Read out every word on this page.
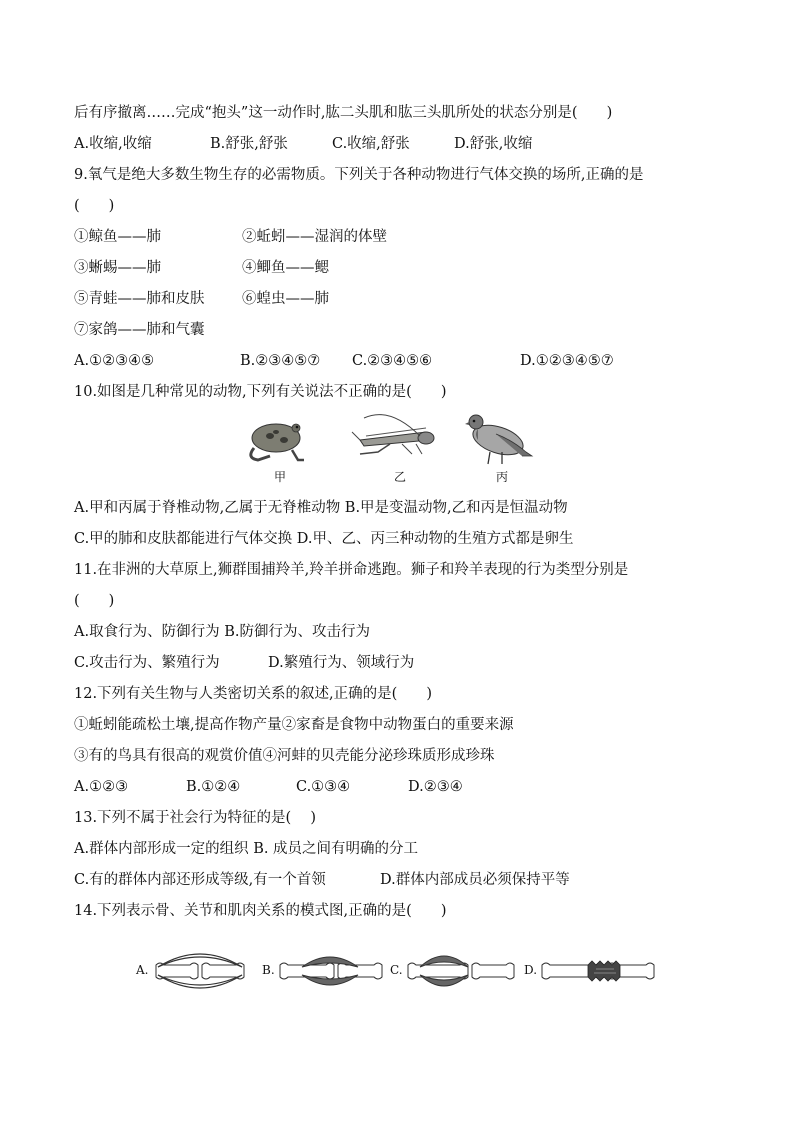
后有序撤离……完成“抱头”这一动作时,肱二头肌和肱三头肌所处的状态分别是(　　)
A.收缩,收缩	B.舒张,舒张	C.收缩,舒张	D.舒张,收缩
9.氧气是绝大多数生物生存的必需物质。下列关于各种动物进行气体交换的场所,正确的是
(　　)
①鲸鱼——肺	②蚯蚓——湿润的体壁
③蜥蜴——肺	④鲫鱼——鳃
⑤青蛙——肺和皮肤	⑥蝗虫——肺
⑦家鸽——肺和气囊
A.①②③④⑤	B.②③④⑤⑦ C.②③④⑤⑥	D.①②③④⑤⑦
10.如图是几种常见的动物,下列有关说法不正确的是(　　)
甲	乙	丙
A.甲和丙属于脊椎动物,乙属于无脊椎动物 B.甲是变温动物,乙和丙是恒温动物
C.甲的肺和皮肤都能进行气体交换 D.甲、乙、丙三种动物的生殖方式都是卵生
11.在非洲的大草原上,狮群围捕羚羊,羚羊拼命逃跑。狮子和羚羊表现的行为类型分别是
(　　)
A.取食行为、防御行为 B.防御行为、攻击行为
C.攻击行为、繁殖行为	D.繁殖行为、领域行为
12.下列有关生物与人类密切关系的叙述,正确的是(　　)
①蚯蚓能疏松土壤,提高作物产量②家畜是食物中动物蛋白的重要来源
③有的鸟具有很高的观赏价值④河蚌的贝壳能分泌珍珠质形成珍珠
A.①②③	B.①②④	C.①③④	D.②③④
13.下列不属于社会行为特征的是(　 )
A.群体内部形成一定的组织 B. 成员之间有明确的分工
C.有的群体内部还形成等级,有一个首领	D.群体内部成员必须保持平等
14.下列表示骨、关节和肌肉关系的模式图,正确的是(　　)
A.	B.	C.	D.
